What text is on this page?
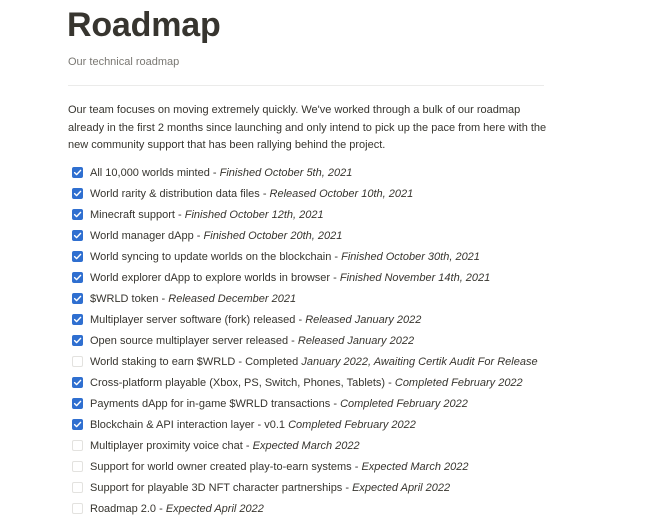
Roadmap
Our technical roadmap
Our team focuses on moving extremely quickly. We've worked through a bulk of our roadmap already in the first 2 months since launching and only intend to pick up the pace from here with the new community support that has been rallying behind the project.
All 10,000 worlds minted - Finished October 5th, 2021
World rarity & distribution data files - Released October 10th, 2021
Minecraft support - Finished October 12th, 2021
World manager dApp - Finished October 20th, 2021
World syncing to update worlds on the blockchain - Finished October 30th, 2021
World explorer dApp to explore worlds in browser - Finished November 14th, 2021
$WRLD token - Released December 2021
Multiplayer server software (fork) released - Released January 2022
Open source multiplayer server released - Released January 2022
World staking to earn $WRLD - Completed January 2022, Awaiting Certik Audit For Release
Cross-platform playable (Xbox, PS, Switch, Phones, Tablets) - Completed February 2022
Payments dApp for in-game $WRLD transactions - Completed February 2022
Blockchain & API interaction layer - v0.1 Completed February 2022
Multiplayer proximity voice chat - Expected March 2022
Support for world owner created play-to-earn systems - Expected March 2022
Support for playable 3D NFT character partnerships - Expected April 2022
Roadmap 2.0 - Expected April 2022
